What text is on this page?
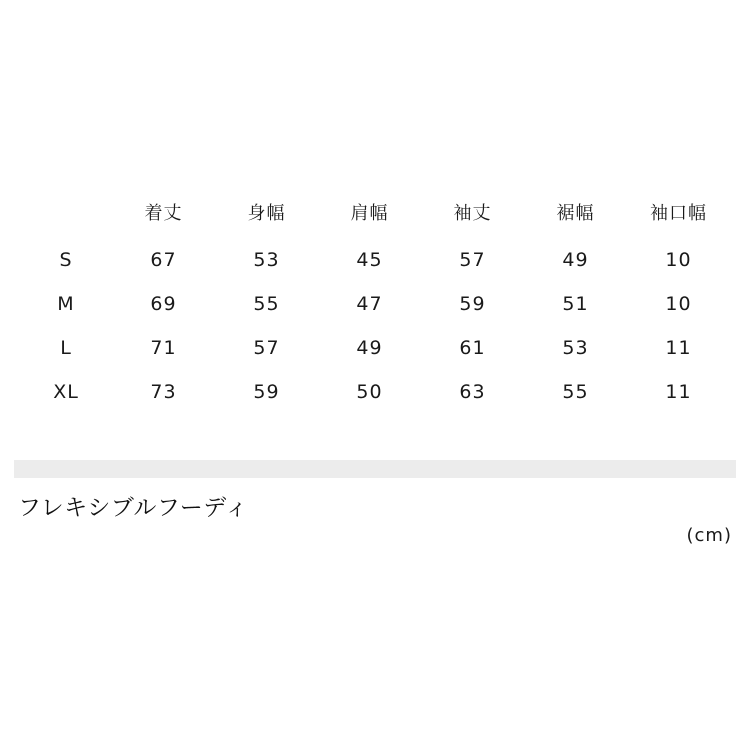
	着丈	身幅	肩幅	袖丈	裾幅	袖口幅
S	67	53	45	57	49	10
M	69	55	47	59	51	10
L	71	57	49	61	53	11
XL	73	59	50	63	55	11
フレキシブルフーディ
(cm)
